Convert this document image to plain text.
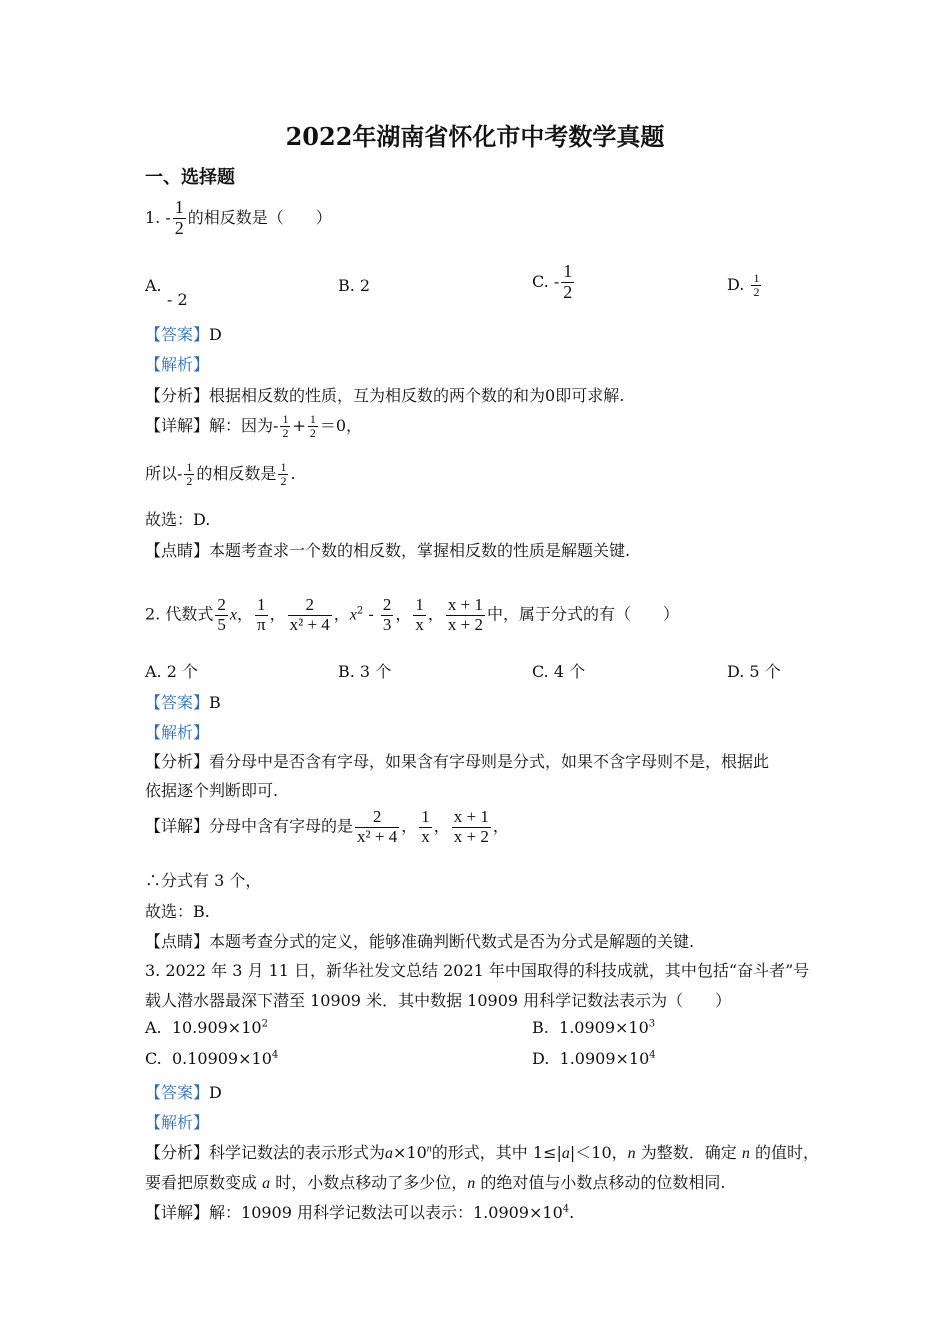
2022年湖南省怀化市中考数学真题
一、选择题
1. - $\frac{1}{2}$ 的相反数是（　　）
A.
- 2
B. 2	C. - $\frac{1}{2}$	D. $\frac{1}{2}$
【答案】D
【解析】
【分析】根据相反数的性质，互为相反数的两个数的和为0即可求解.
【详解】解：因为- $\frac{1}{2} + \frac{1}{2} =0$，
所以- $\frac{1}{2}$ 的相反数是 $\frac{1}{2}$ .
故选：D.
【点睛】本题考查求一个数的相反数，掌握相反数的性质是解题关键.
2. 代数式 $\frac{2}{5}$ x， $\frac{1}{\pi}$ ， $\frac{2}{\text{x² + 4}}$ ，$x^2 - \frac{2}{3}$ ， $\frac{1}{x}$ ， $\frac{x + 1}{x + 2}$ 中，属于分式的有（　　）
A. 2 个	B. 3 个	C. 4 个	D. 5 个
【答案】B
【解析】
【分析】看分母中是否含有字母，如果含有字母则是分式，如果不含字母则不是，根据此
依据逐个判断即可.
【详解】分母中含有字母的是 $\frac{2}{\text{x² + 4}}$ ， $\frac{1}{x}$ ， $\frac{x + 1}{x + 2}$ ，
∴分式有 3 个，
故选：B.
【点睛】本题考查分式的定义，能够准确判断代数式是否为分式是解题的关键.
3. 2022 年 3 月 11 日，新华社发文总结 2021 年中国取得的科技成就，其中包括“奋斗者”号
载人潜水器最深下潜至 10909 米．其中数据 10909 用科学记数法表示为（　　）
A. $10.909\times 10^2$	B. $1.0909\times 10^3$
C. $0.10909\times 10^4$	D. $1.0909\times 10^4$
【答案】D
【解析】
【分析】科学记数法的表示形式为$a\times 10^n$的形式，其中 1≤|a|＜10，n 为整数．确定 n 的值时，
要看把原数变成 a 时，小数点移动了多少位，n 的绝对值与小数点移动的位数相同.
【详解】解：10909 用科学记数法可以表示：$1.0909\times 10^4$.
